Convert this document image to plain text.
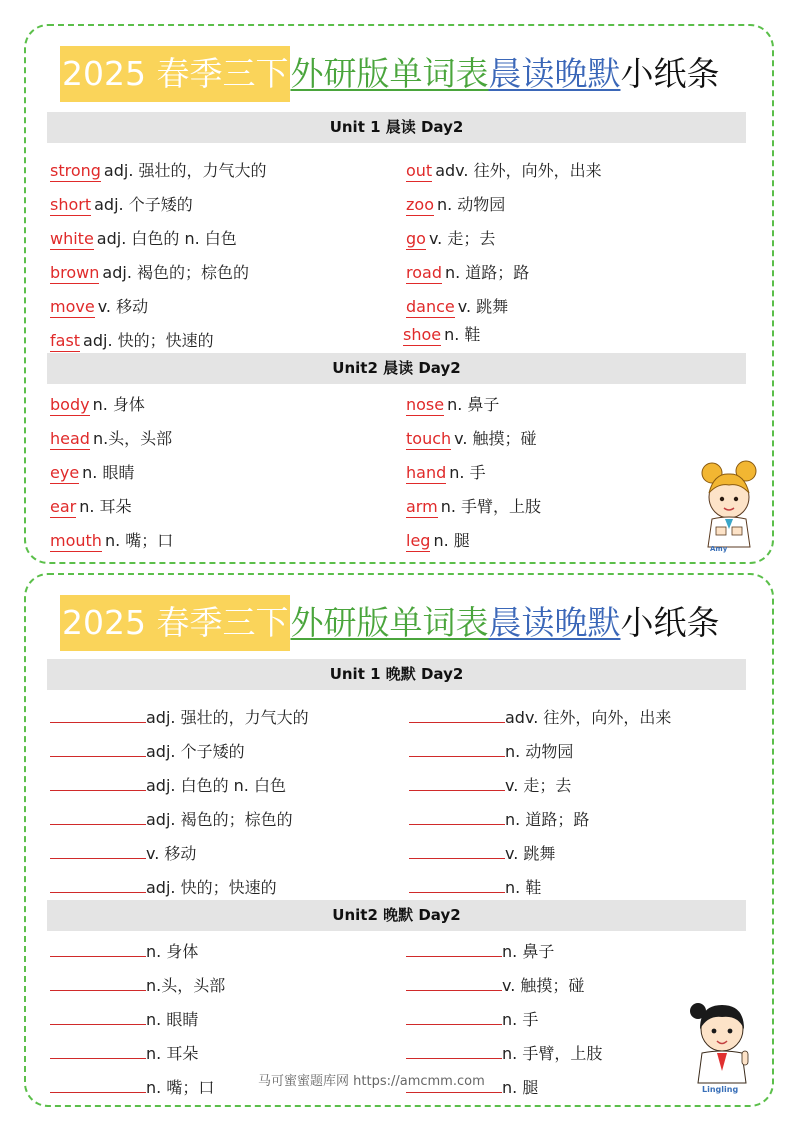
2025 春季三下外研版单词表晨读晚默小纸条
Unit 1 晨读 Day2
strong adj. 强壮的，力气大的
short adj. 个子矮的
white adj. 白色的 n. 白色
brown adj. 褐色的；棕色的
move v. 移动
fast adj. 快的；快速的
out adv. 往外，向外，出来
zoo n. 动物园
go v. 走；去
road n. 道路；路
dance v. 跳舞
shoe n. 鞋
Unit2 晨读 Day2
body n. 身体
head n.头，头部
eye n. 眼睛
ear n. 耳朵
mouth n. 嘴；口
nose n. 鼻子
touch v. 触摸；碰
hand n. 手
arm n. 手臂，上肢
leg n. 腿	Amy
2025 春季三下外研版单词表晨读晚默小纸条
Unit 1 晚默 Day2
adj. 强壮的，力气大的
adj. 个子矮的
adj. 白色的 n. 白色
adj. 褐色的；棕色的
v. 移动
adj. 快的；快速的
adv. 往外，向外，出来
n. 动物园
v. 走；去
n. 道路；路
v. 跳舞
n. 鞋
Unit2 晚默 Day2
n. 身体
n.头，头部
n. 眼睛
n. 耳朵
n. 嘴；口
n. 鼻子
v. 触摸；碰
n. 手
n. 手臂，上肢
n. 腿	Lingling
马可蜜蜜题库网 https://amcmm.com
